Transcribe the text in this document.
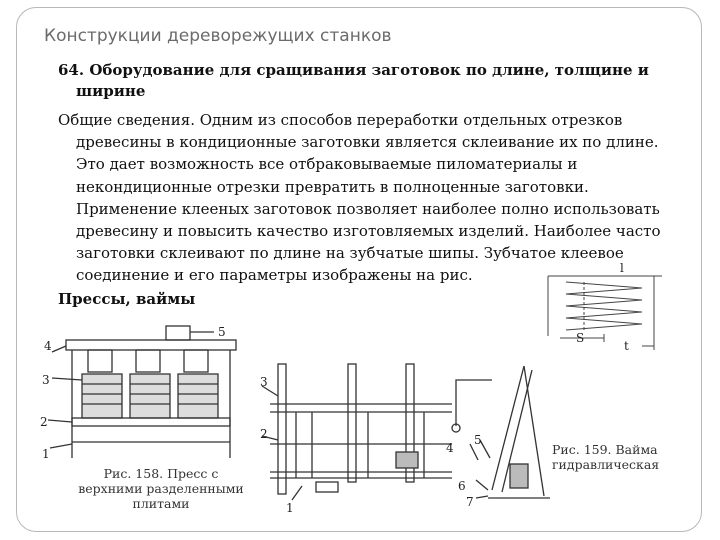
Конструкции дереворежущих станков

64. Оборудование для сращивания заготовок по длине, толщине и ширине

Общие сведения. Одним из способов переработки отдельных отрезков древесины в кондиционные заготовки является склеивание их по длине. Это дает возможность все отбраковываемые пиломатериалы и некондиционные отрезки превратить в полноценные заготовки. Применение клееных заготовок позволяет наиболее полно использовать древесину и повысить качество изготовляемых изделий. Наиболее часто заготовки склеивают по длине на зубчатые шипы. Зубчатое клеевое соединение и его параметры изображены на рис.

Прессы, ваймы

l
S
t
1
2
3
4
5
Рис. 158. Пресс с верхними разделенными плитами	1
2
3
4
5
6
7
Рис. 159. Вайма гидравлическая
